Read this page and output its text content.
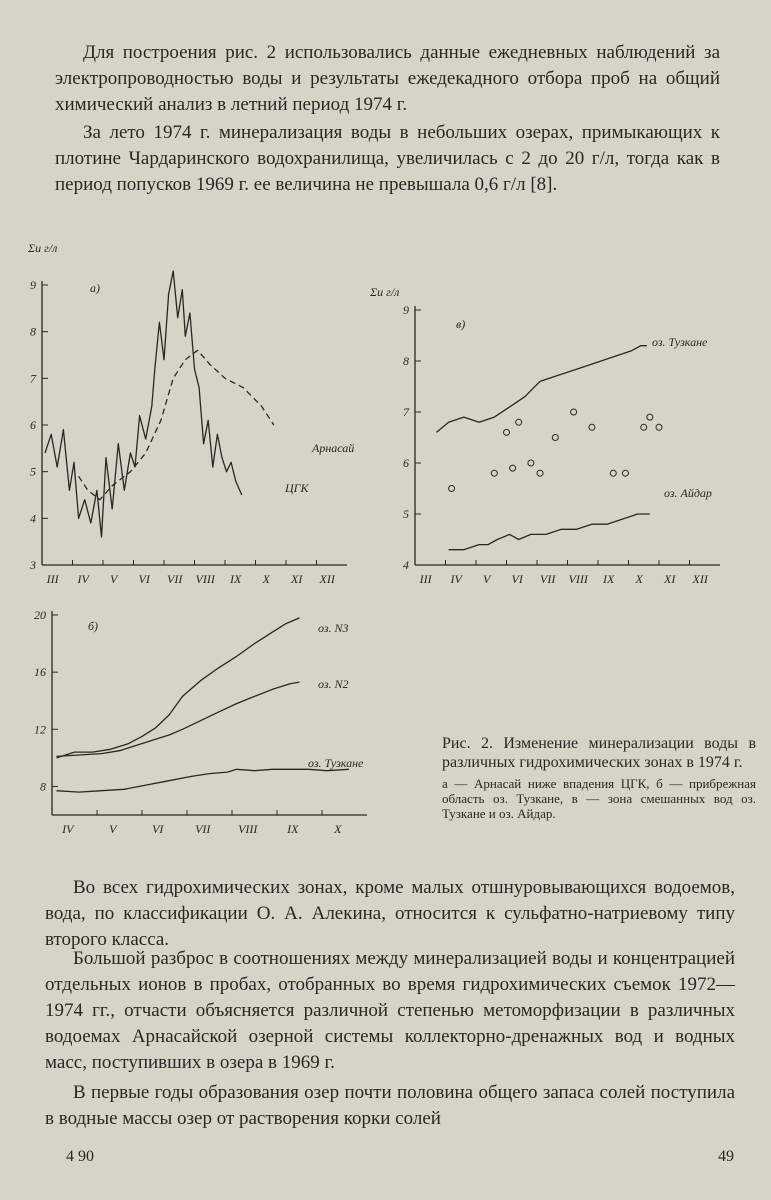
Для построения рис. 2 использовались данные ежедневных наблюдений за электропроводностью воды и результаты ежедекадного отбора проб на общий химический анализ в летний период 1974 г.

За лето 1974 г. минерализация воды в небольших озерах, примыкающих к плотине Чардаринского водохранилища, увеличилась с 2 до 20 г/л, тогда как в период попусков 1969 г. ее величина не превышала 0,6 г/л [8].

3
4
5
6
7
8
9
III IV V VI VII VIII IX X XI XII
а)
Σи г/л
ЦГК
Арнасай
4
5
6
7
8
9
III IV V VI VII VIII IX X XI XII
в)
Σи г/л
оз. Тузкане
оз. Айдар
8
12
16
20
IV	V	VI	VII VIII IX	X
б)	оз. N3
оз. N2
оз. Тузкане

Рис. 2. Изменение минерализации воды в различных гидрохимических зонах в 1974 г.

а — Арнасай ниже впадения ЦГК, б — прибрежная область оз. Тузкане, в — зона смешанных вод оз. Тузкане и оз. Айдар.

Во всех гидрохимических зонах, кроме малых отшнуровывающихся водоемов, вода, по классификации О. А. Алекина, относится к сульфатно-натриевому типу второго класса.

Большой разброс в соотношениях между минерализацией воды и концентрацией отдельных ионов в пробах, отобранных во время гидрохимических съемок 1972—1974 гг., отчасти объясняется различной степенью метоморфизации в различных водоемах Арнасайской озерной системы коллекторно-дренажных вод и водных масс, поступивших в озера в 1969 г.

В первые годы образования озер почти половина общего запаса солей поступила в водные массы озер от растворения корки солей

4 90	49
